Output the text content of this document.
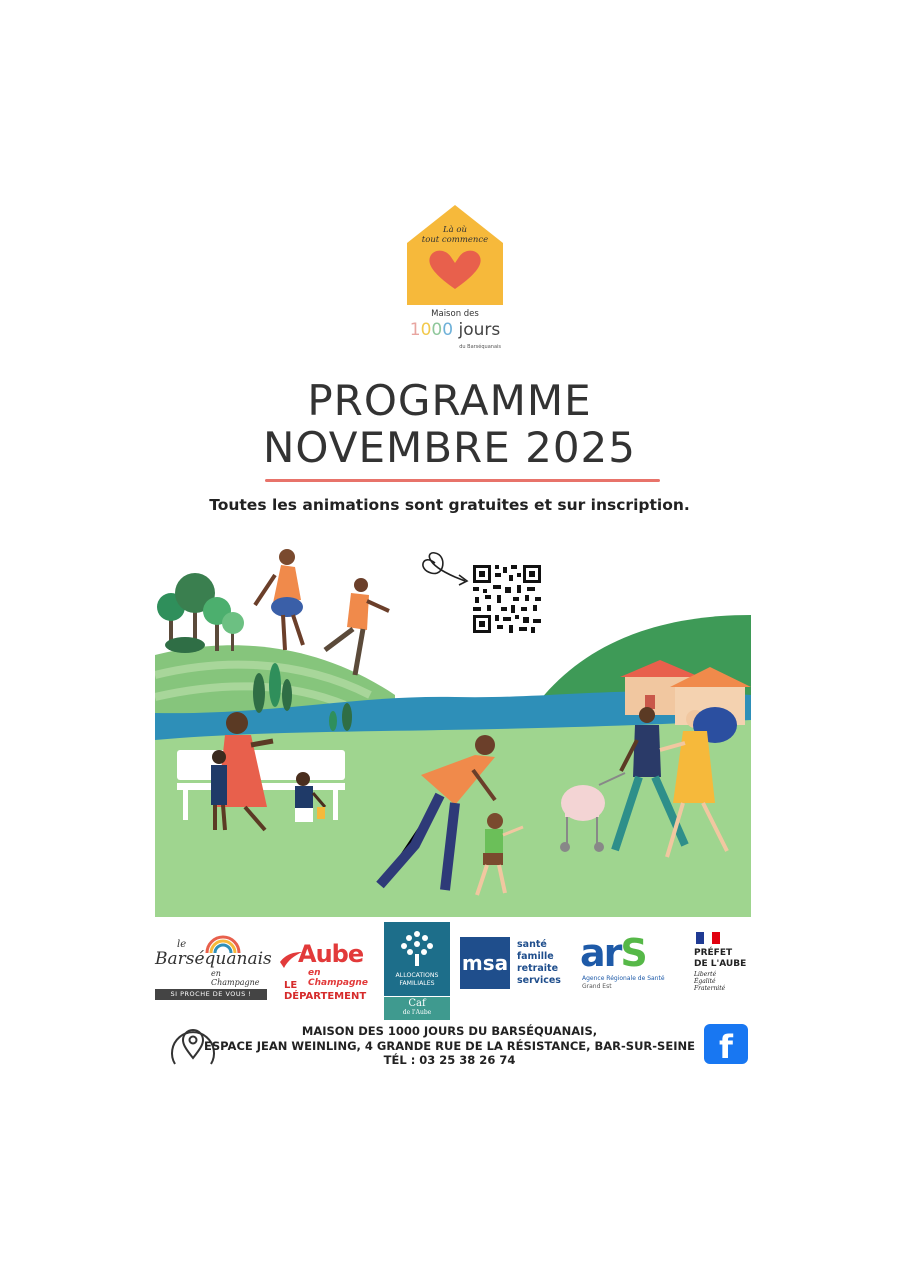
Là où
tout commence
Maison des
1000 jours
du Barséquanais
PROGRAMME
NOVEMBRE 2025
Toutes les animations sont gratuites et sur inscription.
le
Barséquanais
en Champagne
SI PROCHE DE VOUS !
Aube
en Champagne
LE DÉPARTEMENT
ALLOCATIONS
FAMILIALES
Caf
de l'Aube
msa
santé
famille
retraite
services
arS
Agence Régionale de Santé
Grand Est
PRÉFET
DE L'AUBE
Liberté
Égalité
Fraternité
MAISON DES 1000 JOURS DU BARSÉQUANAIS,
ESPACE JEAN WEINLING, 4 GRANDE RUE DE LA RÉSISTANCE, BAR-SUR-SEINE
TÉL : 03 25 38 26 74	f
